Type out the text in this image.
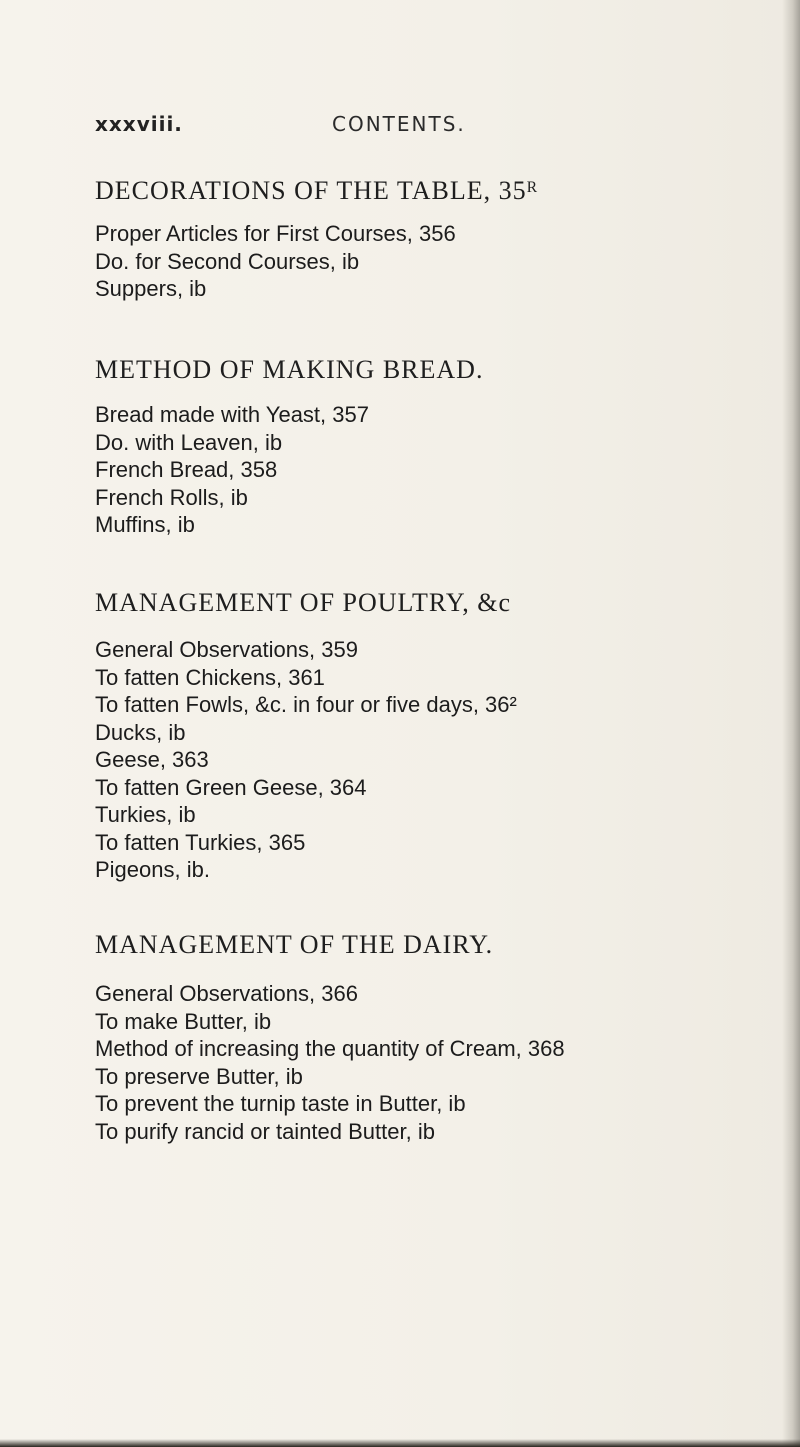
xxxviii.	CONTENTS.
DECORATIONS OF THE TABLE, 35ᴿ
Proper Articles for First Courses, 356
Do. for Second Courses, ib
Suppers, ib
METHOD OF MAKING BREAD.
Bread made with Yeast, 357
Do. with Leaven, ib
French Bread, 358
French Rolls, ib
Muffins, ib
MANAGEMENT OF POULTRY, &c
General Observations, 359
To fatten Chickens, 361
To fatten Fowls, &c. in four or five days, 36²
Ducks, ib
Geese, 363
To fatten Green Geese, 364
Turkies, ib
To fatten Turkies, 365
Pigeons, ib.
MANAGEMENT OF THE DAIRY.
General Observations, 366
To make Butter, ib
Method of increasing the quantity of Cream, 368
To preserve Butter, ib
To prevent the turnip taste in Butter, ib
To purify rancid or tainted Butter, ib
